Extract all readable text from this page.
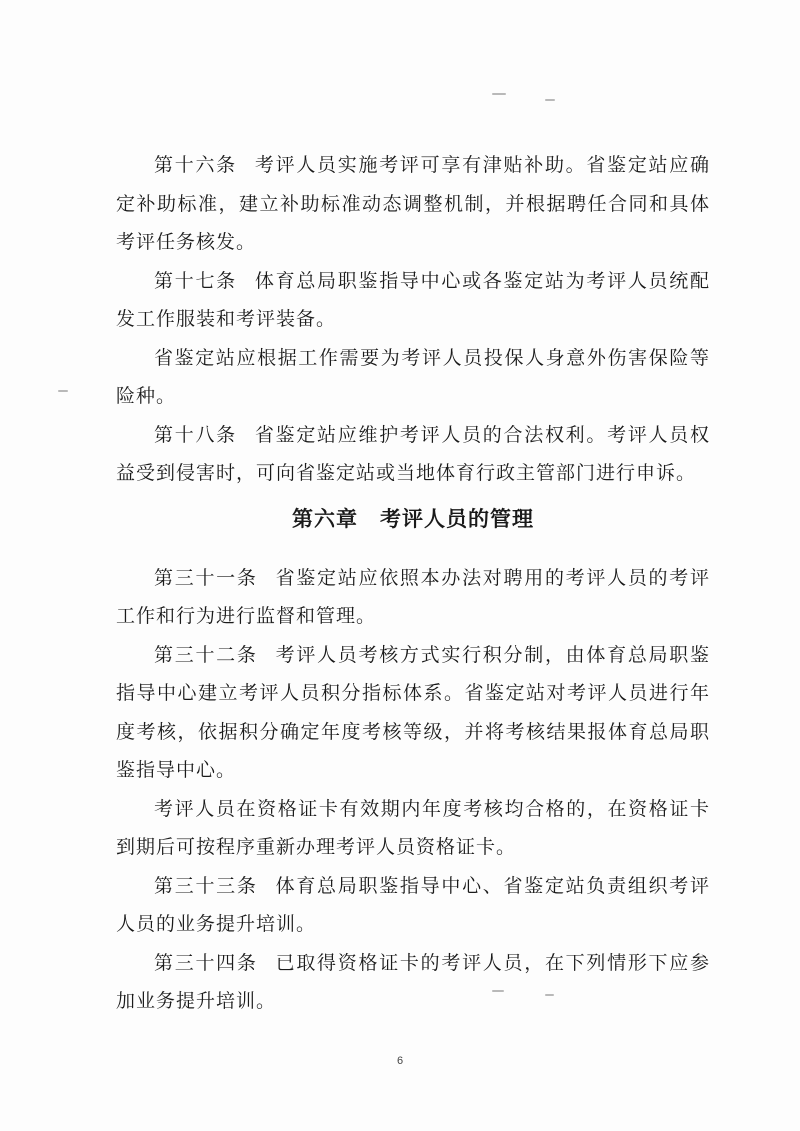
第十六条 考评人员实施考评可享有津贴补助。省鉴定站应确定补助标准，建立补助标准动态调整机制，并根据聘任合同和具体考评任务核发。

第十七条 体育总局职鉴指导中心或各鉴定站为考评人员统配发工作服装和考评装备。

省鉴定站应根据工作需要为考评人员投保人身意外伤害保险等险种。

第十八条 省鉴定站应维护考评人员的合法权利。考评人员权益受到侵害时，可向省鉴定站或当地体育行政主管部门进行申诉。

第六章　考评人员的管理

第三十一条 省鉴定站应依照本办法对聘用的考评人员的考评工作和行为进行监督和管理。

第三十二条 考评人员考核方式实行积分制，由体育总局职鉴指导中心建立考评人员积分指标体系。省鉴定站对考评人员进行年度考核，依据积分确定年度考核等级，并将考核结果报体育总局职鉴指导中心。

考评人员在资格证卡有效期内年度考核均合格的，在资格证卡到期后可按程序重新办理考评人员资格证卡。

第三十三条 体育总局职鉴指导中心、省鉴定站负责组织考评人员的业务提升培训。

第三十四条 已取得资格证卡的考评人员，在下列情形下应参加业务提升培训。

6
